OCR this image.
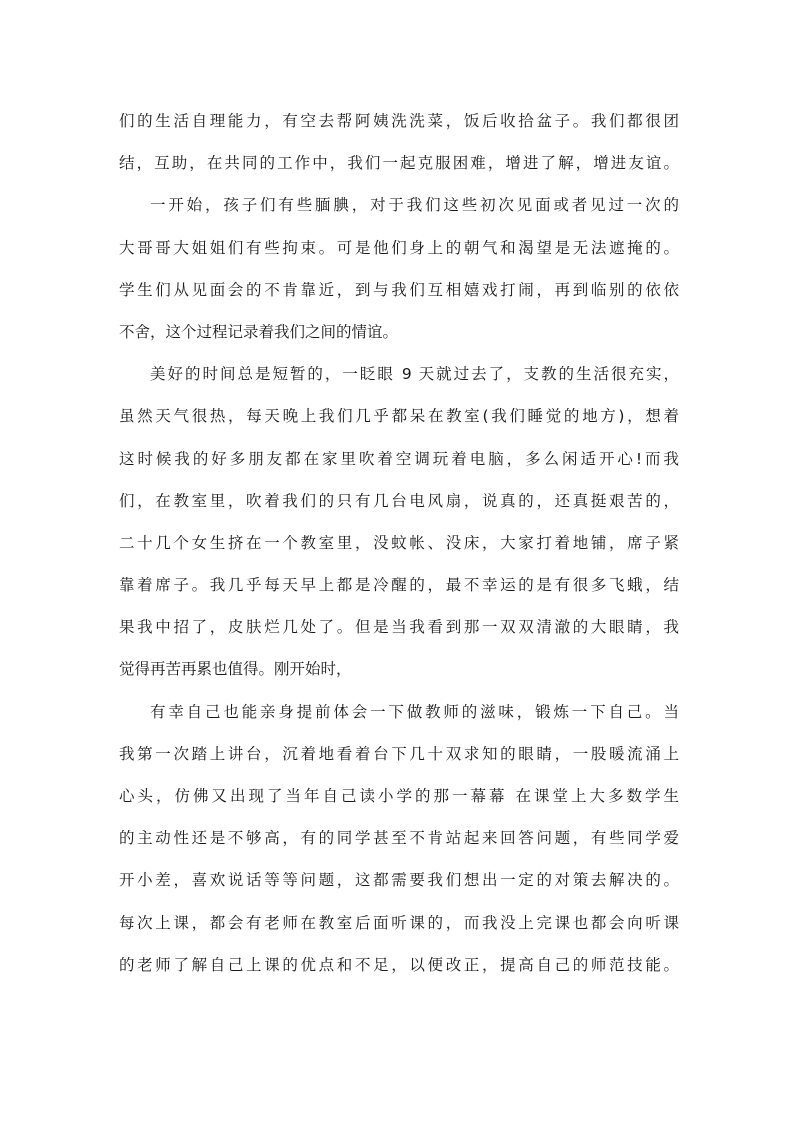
们的生活自理能力，有空去帮阿姨洗洗菜，饭后收拾盆子。我们都很团
结，互助，在共同的工作中，我们一起克服困难，增进了解，增进友谊。
一开始，孩子们有些腼腆，对于我们这些初次见面或者见过一次的
大哥哥大姐姐们有些拘束。可是他们身上的朝气和渴望是无法遮掩的。
学生们从见面会的不肯靠近，到与我们互相嬉戏打闹，再到临别的依依
不舍，这个过程记录着我们之间的情谊。
美好的时间总是短暂的，一眨眼 9 天就过去了，支教的生活很充实，
虽然天气很热，每天晚上我们几乎都呆在教室(我们睡觉的地方)，想着
这时候我的好多朋友都在家里吹着空调玩着电脑，多么闲适开心!而我
们，在教室里，吹着我们的只有几台电风扇，说真的，还真挺艰苦的，
二十几个女生挤在一个教室里，没蚊帐、没床，大家打着地铺，席子紧
靠着席子。我几乎每天早上都是冷醒的，最不幸运的是有很多飞蛾，结
果我中招了，皮肤烂几处了。但是当我看到那一双双清澈的大眼睛，我
觉得再苦再累也值得。刚开始时，
有幸自己也能亲身提前体会一下做教师的滋味，锻炼一下自己。当
我第一次踏上讲台，沉着地看着台下几十双求知的眼睛，一股暖流涌上
心头，仿佛又出现了当年自己读小学的那一幕幕 在课堂上大多数学生
的主动性还是不够高，有的同学甚至不肯站起来回答问题，有些同学爱
开小差，喜欢说话等等问题，这都需要我们想出一定的对策去解决的。
每次上课，都会有老师在教室后面听课的，而我没上完课也都会向听课
的老师了解自己上课的优点和不足，以便改正，提高自己的师范技能。
